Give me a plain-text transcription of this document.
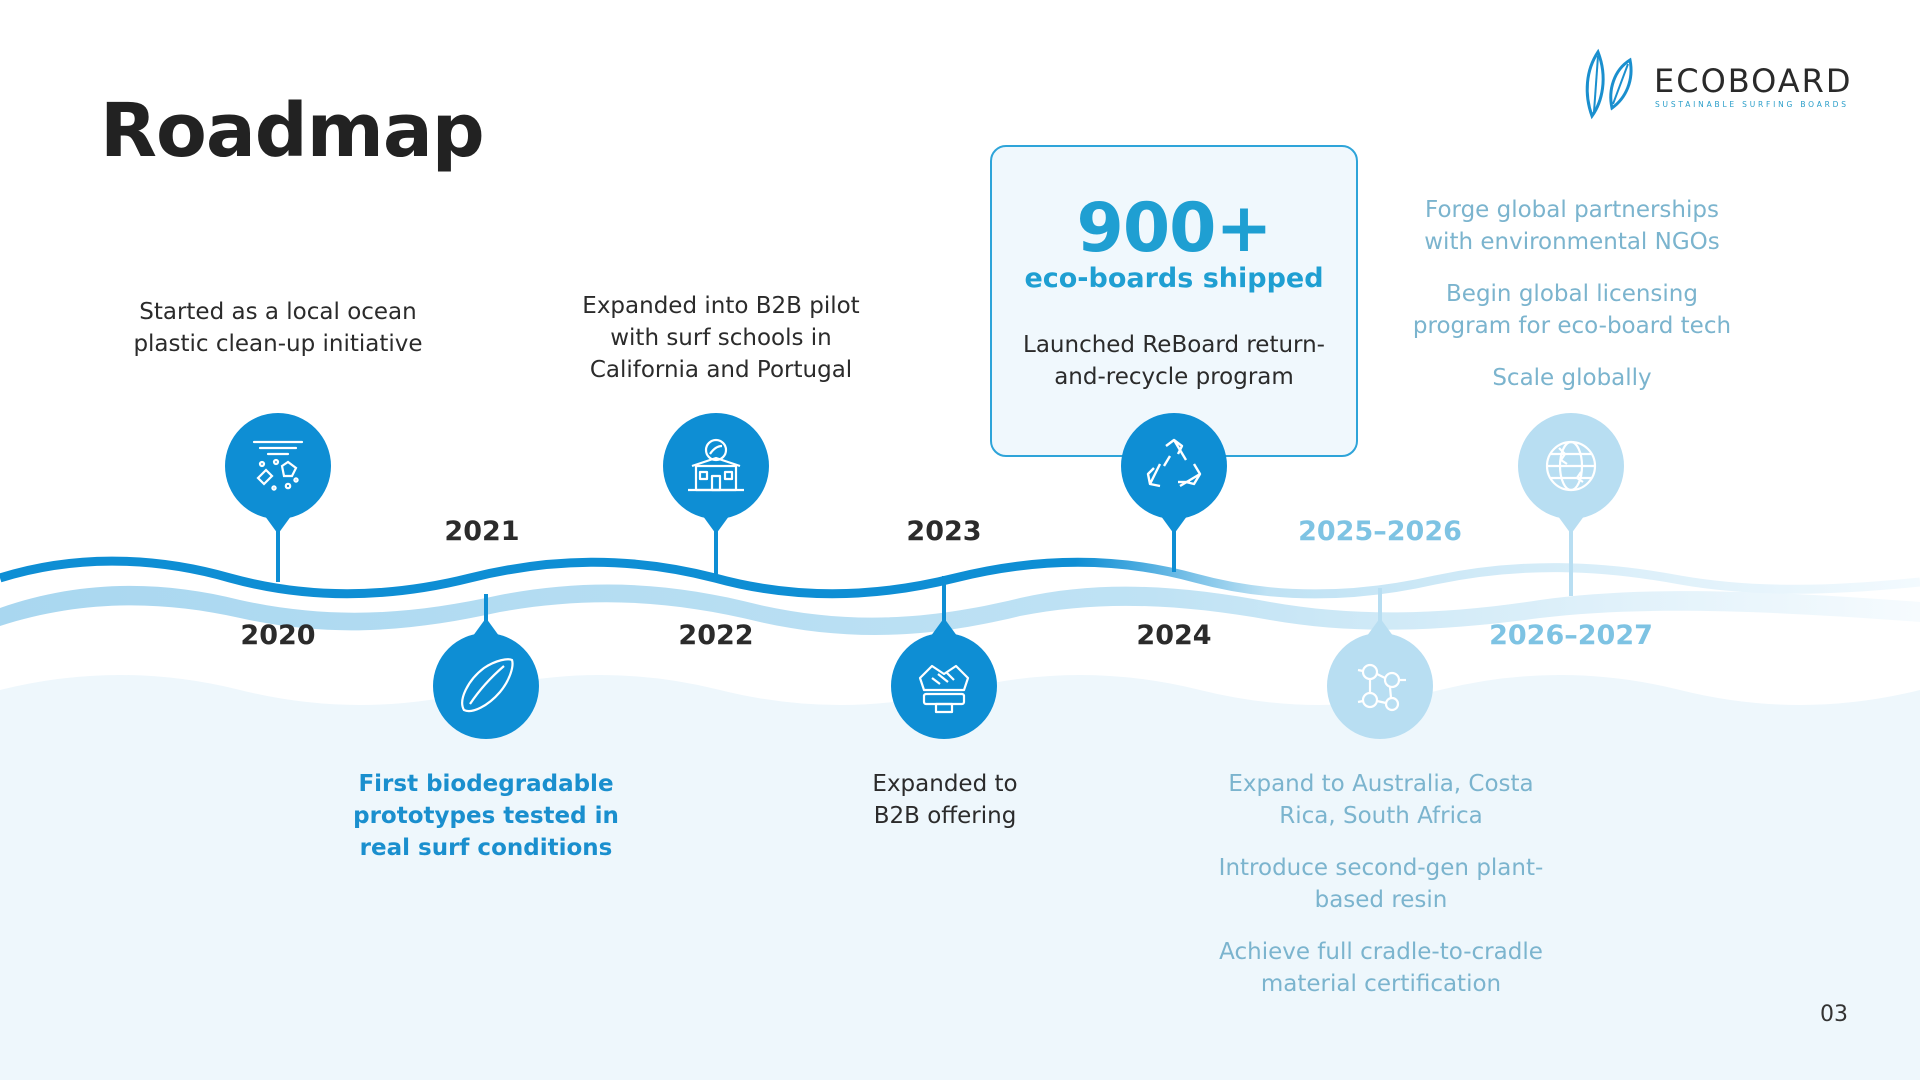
Roadmap
ECOBOARD
SUSTAINABLE SURFING BOARDS
900+
eco-boards shipped
Launched ReBoard return-and-recycle program
2020
2021
2022
2023
2024
2025–2026
2026–2027

Started as a local ocean plastic clean-up initiative

Expanded into B2B pilot with surf schools in California and Portugal

First biodegradable prototypes tested in real surf conditions

Expanded to B2B offering

Expand to Australia, Costa Rica, South Africa

Introduce second-gen plant-based resin

Achieve full cradle-to-cradle material certification

Forge global partnerships with environmental NGOs

Begin global licensing program for eco-board tech

Scale globally

03
